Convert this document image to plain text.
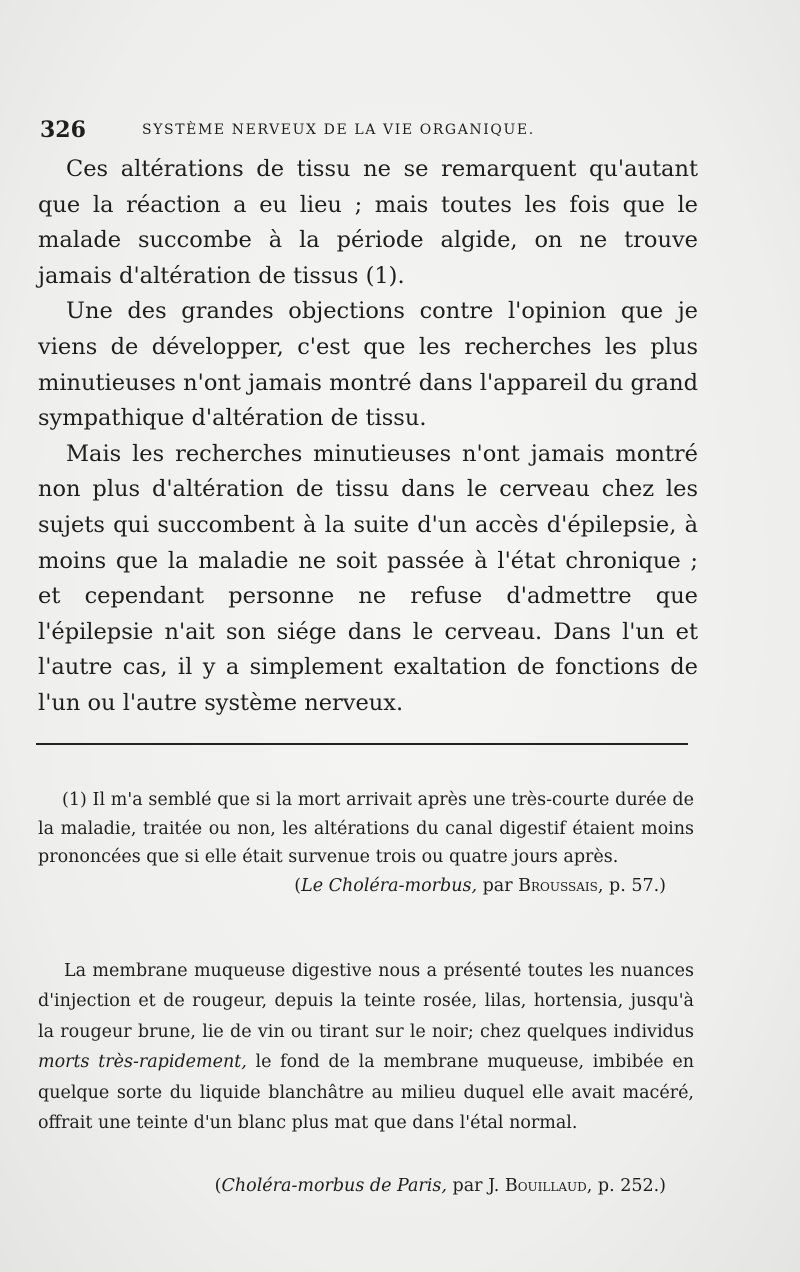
326	SYSTÈME NERVEUX DE LA VIE ORGANIQUE.

Ces altérations de tissu ne se remarquent qu'autant que la réaction a eu lieu ; mais toutes les fois que le malade succombe à la période algide, on ne trouve jamais d'altération de tissus (1).

Une des grandes objections contre l'opinion que je viens de développer, c'est que les recherches les plus minutieuses n'ont jamais montré dans l'appareil du grand sympathique d'altération de tissu.

Mais les recherches minutieuses n'ont jamais montré non plus d'altération de tissu dans le cerveau chez les sujets qui succombent à la suite d'un accès d'épilepsie, à moins que la maladie ne soit passée à l'état chronique ; et cependant personne ne refuse d'admettre que l'épilepsie n'ait son siége dans le cerveau. Dans l'un et l'autre cas, il y a simplement exaltation de fonctions de l'un ou l'autre système nerveux.

(1) Il m'a semblé que si la mort arrivait après une très-courte durée de la maladie, traitée ou non, les altérations du canal digestif étaient moins prononcées que si elle était survenue trois ou quatre jours après.

(Le Choléra-morbus, par Broussais, p. 57.)

La membrane muqueuse digestive nous a présenté toutes les nuances d'injection et de rougeur, depuis la teinte rosée, lilas, hortensia, jusqu'à la rougeur brune, lie de vin ou tirant sur le noir; chez quelques individus morts très-rapidement, le fond de la membrane muqueuse, imbibée en quelque sorte du liquide blanchâtre au milieu duquel elle avait macéré, offrait une teinte d'un blanc plus mat que dans l'étal normal.

(Choléra-morbus de Paris, par J. Bouillaud, p. 252.)
